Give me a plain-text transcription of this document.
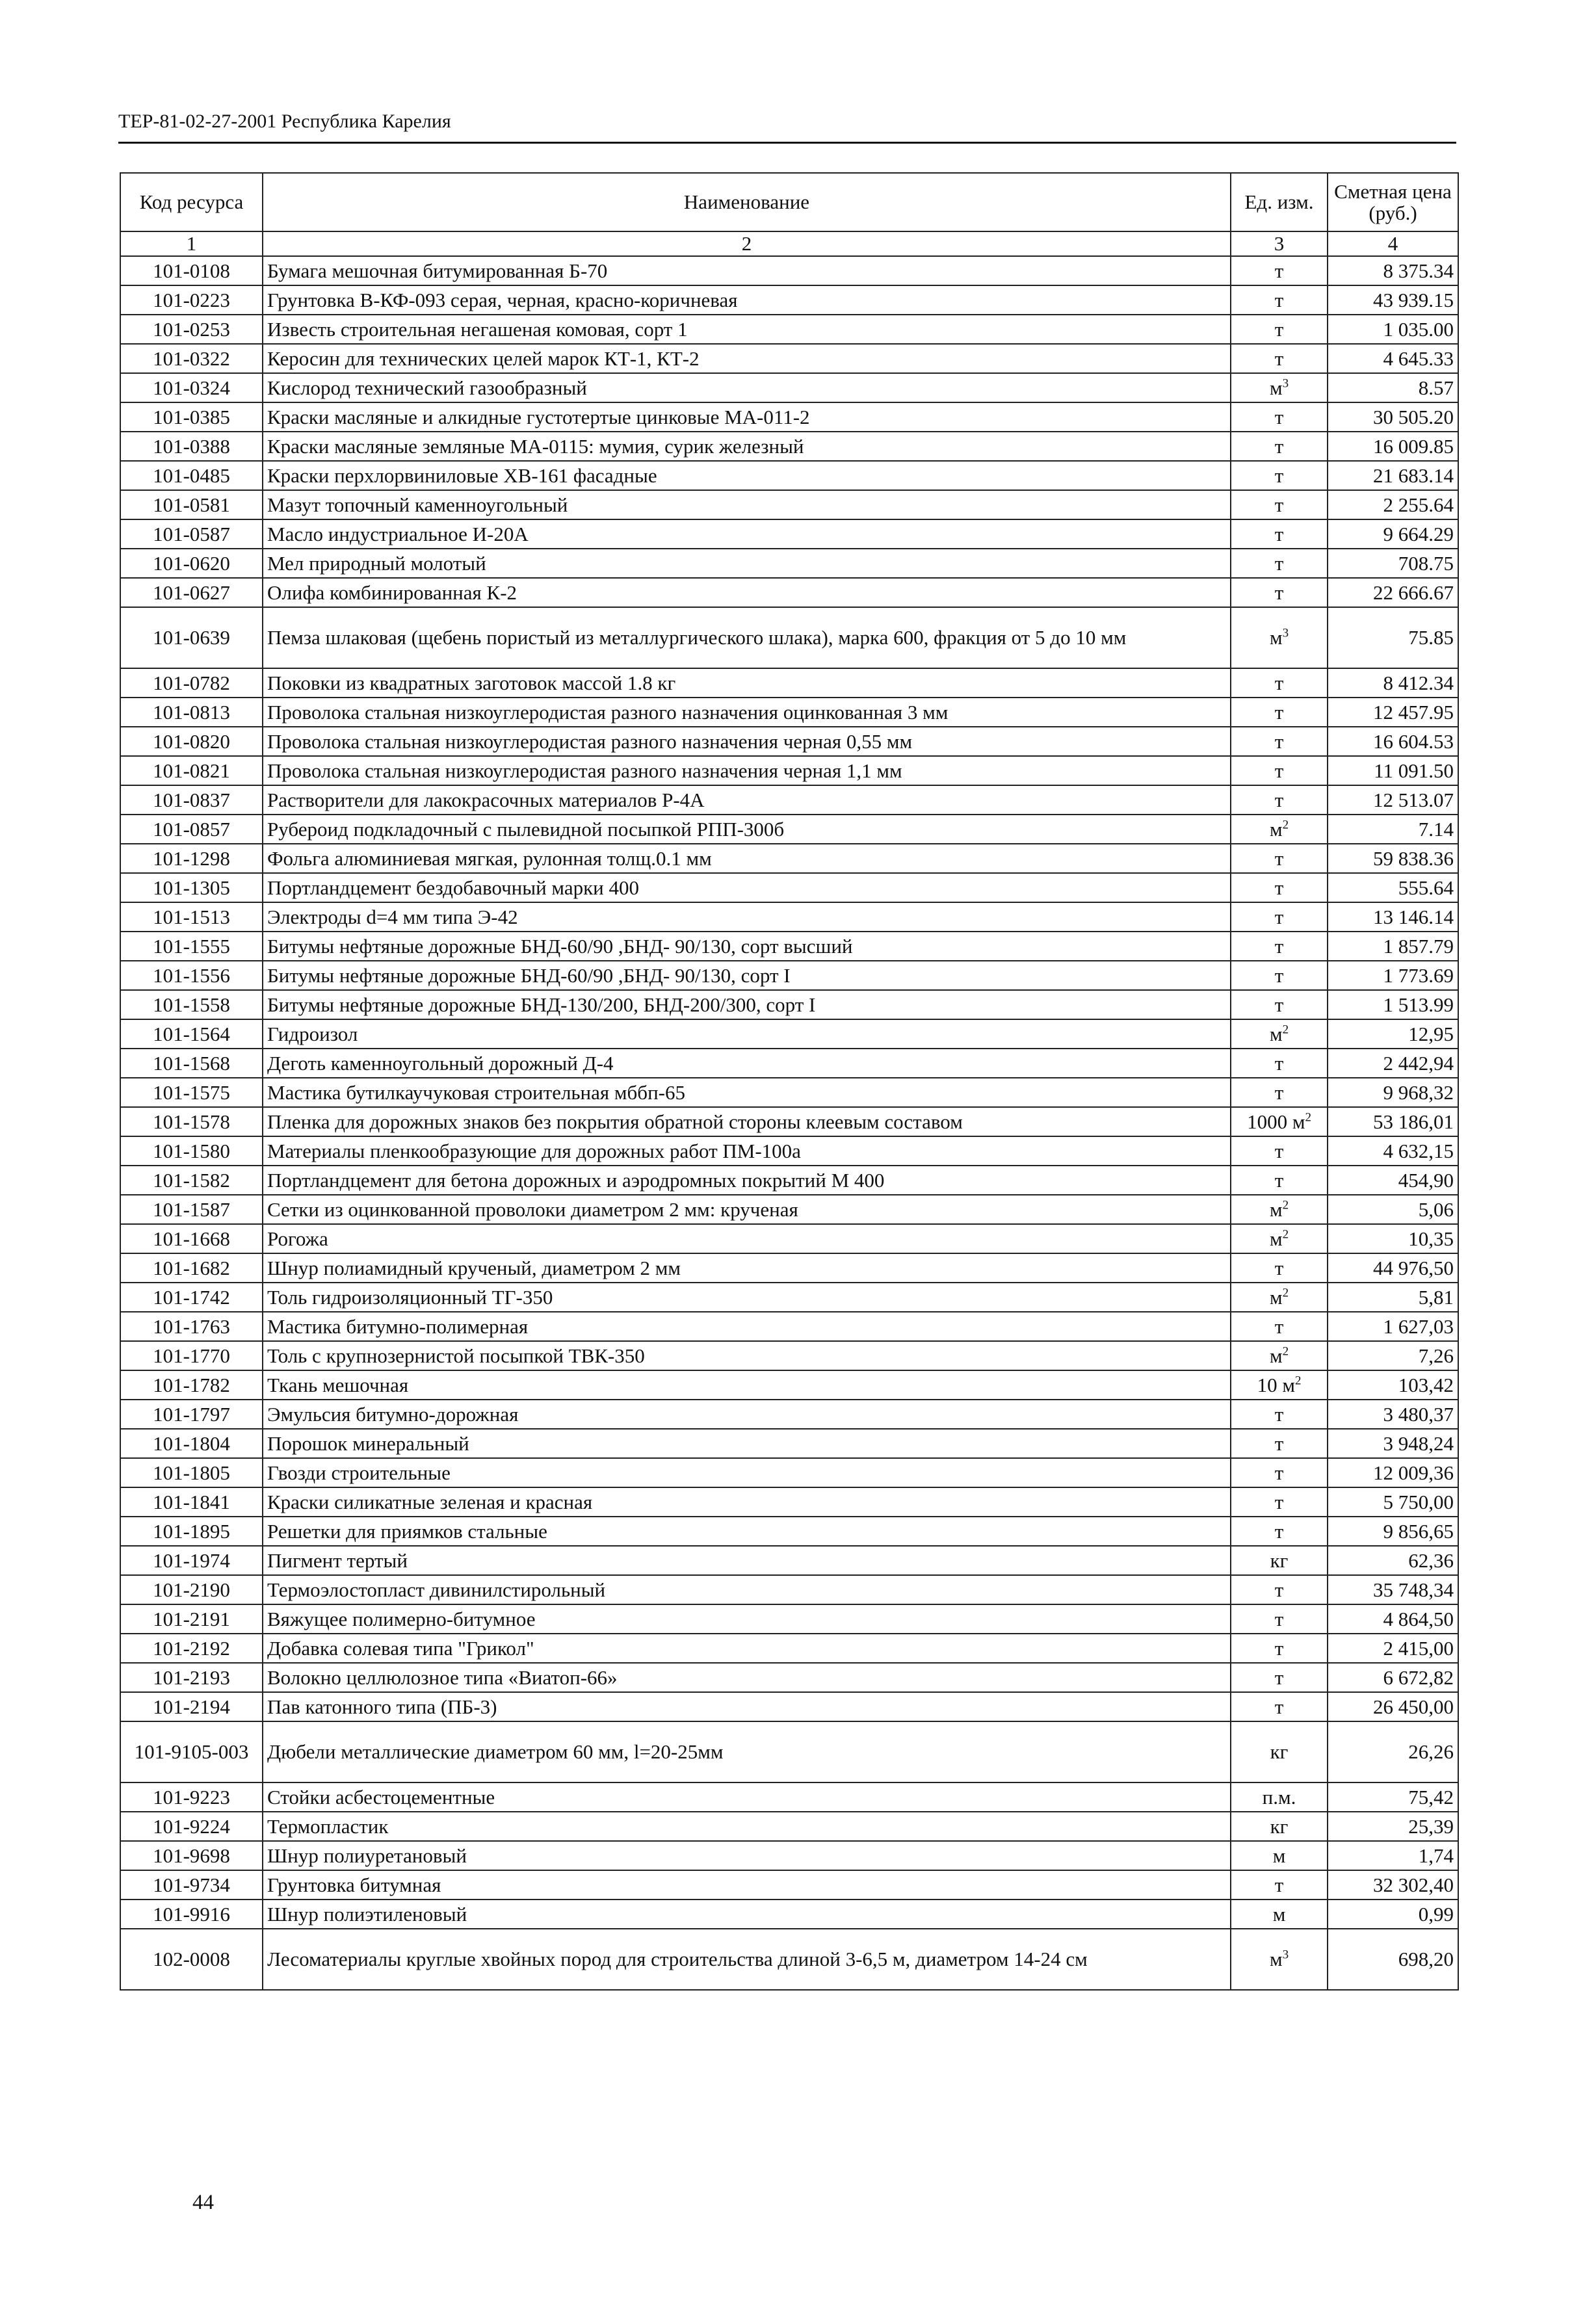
ТЕР-81-02-27-2001 Республика Карелия
Код ресурса	Наименование	Ед. изм.	Сметная цена (руб.)
1	2	3	4
101-0108	Бумага мешочная битумированная Б-70	т	8 375.34
101-0223	Грунтовка В-КФ-093 серая, черная, красно-коричневая	т	43 939.15
101-0253	Известь строительная негашеная комовая, сорт 1	т	1 035.00
101-0322	Керосин для технических целей марок КТ-1, КТ-2	т	4 645.33
101-0324	Кислород технический газообразный	$м^3$	8.57
101-0385	Краски масляные и алкидные густотертые цинковые МА-011-2	т	30 505.20
101-0388	Краски масляные земляные МА-0115: мумия, сурик железный	т	16 009.85
101-0485	Краски перхлорвиниловые ХВ-161 фасадные	т	21 683.14
101-0581	Мазут топочный каменноугольный	т	2 255.64
101-0587	Масло индустриальное И-20А	т	9 664.29
101-0620	Мел природный молотый	т	708.75
101-0627	Олифа комбинированная К-2	т	22 666.67
101-0639	Пемза шлаковая (щебень пористый из металлургического шлака), марка 600, фракция от 5 до 10 мм	$м^3$	75.85
101-0782	Поковки из квадратных заготовок массой 1.8 кг	т	8 412.34
101-0813	Проволока стальная низкоуглеродистая разного назначения оцинкованная 3 мм	т	12 457.95
101-0820	Проволока стальная низкоуглеродистая разного назначения черная 0,55 мм	т	16 604.53
101-0821	Проволока стальная низкоуглеродистая разного назначения черная 1,1 мм	т	11 091.50
101-0837	Растворители для лакокрасочных материалов Р-4А	т	12 513.07
101-0857	Рубероид подкладочный с пылевидной посыпкой РПП-300б	$м^2$	7.14
101-1298	Фольга алюминиевая мягкая, рулонная толщ.0.1 мм	т	59 838.36
101-1305	Портландцемент бездобавочный марки 400	т	555.64
101-1513	Электроды d=4 мм типа Э-42	т	13 146.14
101-1555	Битумы нефтяные дорожные БНД-60/90 ,БНД- 90/130, сорт высший	т	1 857.79
101-1556	Битумы нефтяные дорожные БНД-60/90 ,БНД- 90/130, сорт I	т	1 773.69
101-1558	Битумы нефтяные дорожные БНД-130/200, БНД-200/300, сорт I	т	1 513.99
101-1564	Гидроизол	$м^2$	12,95
101-1568	Деготь каменноугольный дорожный Д-4	т	2 442,94
101-1575	Мастика бутилкаучуковая строительная мббп-65	т	9 968,32
101-1578	Пленка для дорожных знаков без покрытия обратной стороны клеевым составом	1000 $м^2$	53 186,01
101-1580	Материалы пленкообразующие для дорожных работ ПМ-100а	т	4 632,15
101-1582	Портландцемент для бетона дорожных и аэродромных покрытий М 400	т	454,90
101-1587	Сетки из оцинкованной проволоки диаметром 2 мм: крученая	$м^2$	5,06
101-1668	Рогожа	$м^2$	10,35
101-1682	Шнур полиамидный крученый, диаметром 2 мм	т	44 976,50
101-1742	Толь гидроизоляционный ТГ-350	$м^2$	5,81
101-1763	Мастика битумно-полимерная	т	1 627,03
101-1770	Толь с крупнозернистой посыпкой ТВК-350	$м^2$	7,26
101-1782	Ткань мешочная	10 $м^2$	103,42
101-1797	Эмульсия битумно-дорожная	т	3 480,37
101-1804	Порошок минеральный	т	3 948,24
101-1805	Гвозди строительные	т	12 009,36
101-1841	Краски силикатные зеленая и красная	т	5 750,00
101-1895	Решетки для приямков стальные	т	9 856,65
101-1974	Пигмент тертый	кг	62,36
101-2190	Термоэлостопласт дивинилстирольный	т	35 748,34
101-2191	Вяжущее полимерно-битумное	т	4 864,50
101-2192	Добавка солевая типа "Грикол"	т	2 415,00
101-2193	Волокно целлюлозное типа «Виатоп-66»	т	6 672,82
101-2194	Пав катонного типа (ПБ-3)	т	26 450,00
101-9105-003	Дюбели металлические диаметром 60 мм, l=20-25мм	кг	26,26
101-9223	Стойки асбестоцементные	п.м.	75,42
101-9224	Термопластик	кг	25,39
101-9698	Шнур полиуретановый	м	1,74
101-9734	Грунтовка битумная	т	32 302,40
101-9916	Шнур полиэтиленовый	м	0,99
102-0008	Лесоматериалы круглые хвойных пород для строительства длиной 3-6,5 м, диаметром 14-24 см	$м^3$	698,20
44
